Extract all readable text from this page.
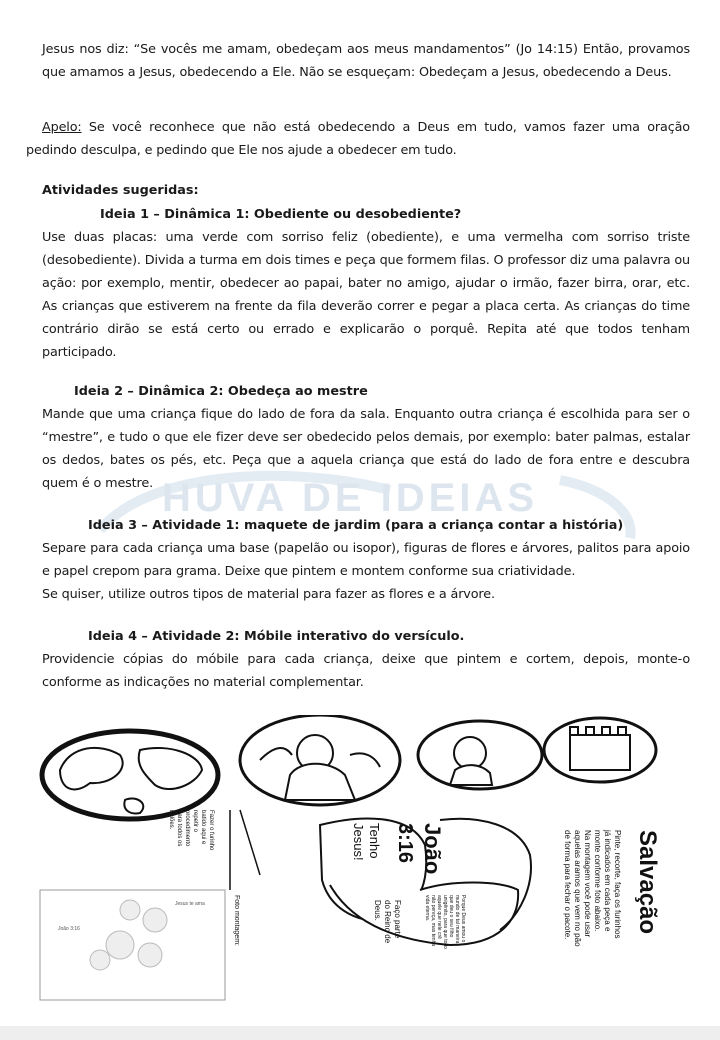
Jesus nos diz: “Se vocês me amam, obedeçam aos meus mandamentos” (Jo 14:15) Então, provamos que amamos a Jesus, obedecendo a Ele. Não se esqueçam: Obedeçam a Jesus, obedecendo a Deus.

Apelo: Se você reconhece que não está obedecendo a Deus em tudo, vamos fazer uma oração pedindo desculpa, e pedindo que Ele nos ajude a obedecer em tudo.

Atividades sugeridas:
Ideia 1 – Dinâmica 1: Obediente ou desobediente?

Use duas placas: uma verde com sorriso feliz (obediente), e uma vermelha com sorriso triste (desobediente). Divida a turma em dois times e peça que formem filas. O professor diz uma palavra ou ação: por exemplo, mentir, obedecer ao papai, bater no amigo, ajudar o irmão, fazer birra, orar, etc. As crianças que estiverem na frente da fila deverão correr e pegar a placa certa. As crianças do time contrário dirão se está certo ou errado e explicarão o porquê. Repita até que todos tenham participado.

Ideia 2 – Dinâmica 2: Obedeça ao mestre
HUVA DE IDEIAS

Mande que uma criança fique do lado de fora da sala. Enquanto outra criança é escolhida para ser o “mestre”, e tudo o que ele fizer deve ser obedecido pelos demais, por exemplo: bater palmas, estalar os dedos, bates os pés, etc. Peça que a aquela criança que está do lado de fora entre e descubra quem é o mestre.

Ideia 3 – Atividade 1: maquete de jardim (para a criança contar a história)

Separe para cada criança uma base (papelão ou isopor), figuras de flores e árvores, palitos para apoio e papel crepom para grama. Deixe que pintem e montem conforme sua criatividade.

Se quiser, utilize outros tipos de material para fazer as flores e a árvore.

Ideia 4 – Atividade 2: Móbile interativo do versículo.

Providencie cópias do móbile para cada criança, deixe que pintem e cortem, depois, monte-o conforme as indicações no material complementar.

João
3:16
Tenho
Jesus!
Faço parte
do Reino de
Deus.	Porque Deus amou o
mundo de tal maneira
que deu o seu filho
unigênito, para que todo
aquele que nele crê
não pereça, mas tenha
vida eterna.
Fazer o furinho
batido aqui e
repetir o
procedimento
para todos os
balões.
Salvação
Pinte, recorte, faça os furinhos
já indicados em cada peça e
monte conforme foto abaixo.
Na montagem você pode usar
aquelas aramos que vem no pão
de forma para fechar o pacote.
João 3:16
Jesus te ama	Foto montagem:
